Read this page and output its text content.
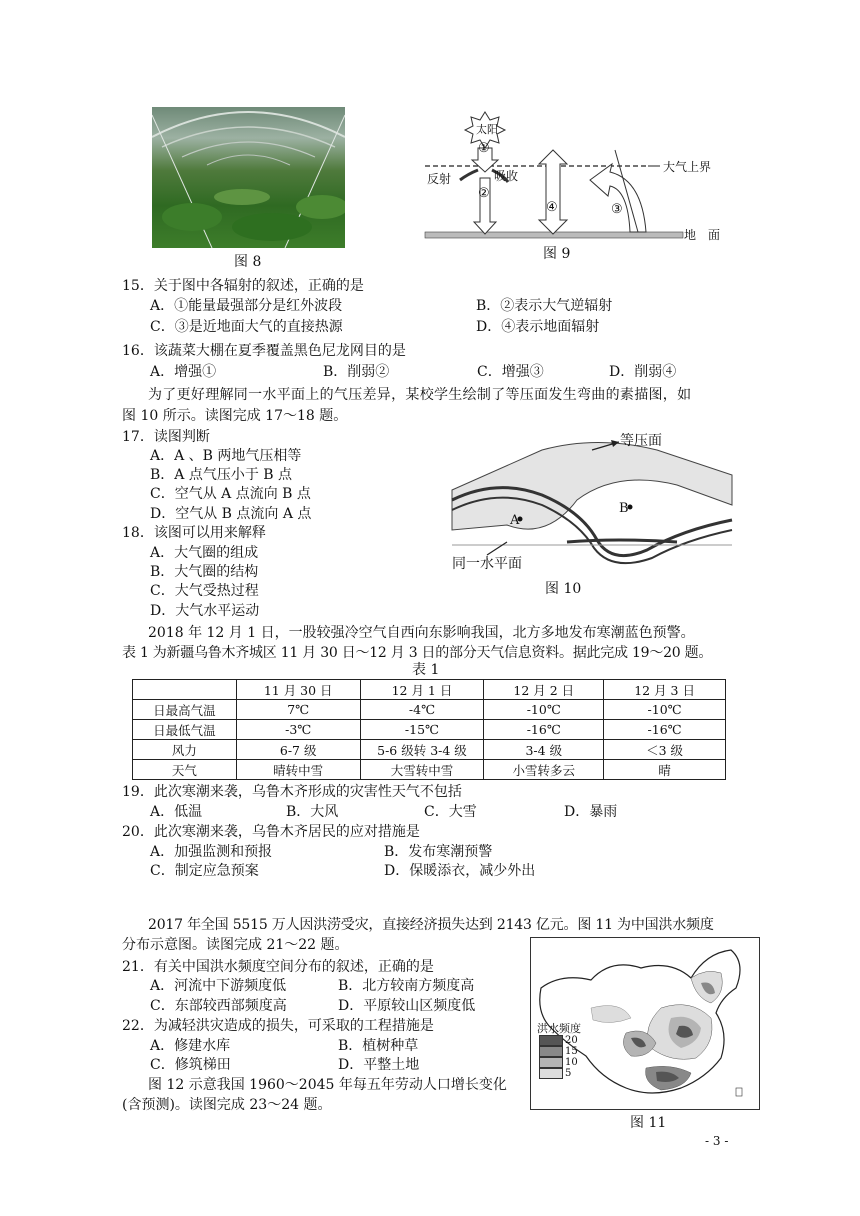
图 8
太阳
①
②
④	③
反射	吸收
大气上界
地　面
图 9
15．关于图中各辐射的叙述，正确的是
A．①能量最强部分是红外波段	B．②表示大气逆辐射
C．③是近地面大气的直接热源	D．④表示地面辐射
16．该蔬菜大棚在夏季覆盖黑色尼龙网目的是
A．增强①	B．削弱②	C．增强③	D．削弱④
为了更好理解同一水平面上的气压差异，某校学生绘制了等压面发生弯曲的素描图，如
图 10 所示。读图完成 17～18 题。
17．读图判断
A．A 、B 两地气压相等
B．A 点气压小于 B 点
C．空气从 A 点流向 B 点
D．空气从 B 点流向 A 点
18．该图可以用来解释
A．大气圈的组成
B．大气圈的结构
C．大气受热过程
D．大气水平运动
等压面
A
B
同一水平面
图 10
2018 年 12 月 1 日，一股较强冷空气自西向东影响我国，北方多地发布寒潮蓝色预警。
表 1 为新疆乌鲁木齐城区 11 月 30 日～12 月 3 日的部分天气信息资料。据此完成 19～20 题。
表 1
	11 月 30 日	12 月 1 日	12 月 2 日	12 月 3 日
日最高气温	7℃	-4℃	-10℃	-10℃
日最低气温	-3℃	-15℃	-16℃	-16℃
风力	6-7 级	5-6 级转 3-4 级	3-4 级	＜3 级
天气	晴转中雪	大雪转中雪	小雪转多云	晴
19．此次寒潮来袭，乌鲁木齐形成的灾害性天气不包括
A．低温	B．大风	C．大雪	D．暴雨
20．此次寒潮来袭，乌鲁木齐居民的应对措施是
A．加强监测和预报	B．发布寒潮预警
C．制定应急预案	D．保暖添衣，减少外出
2017 年全国 5515 万人因洪涝受灾，直接经济损失达到 2143 亿元。图 11 为中国洪水频度
分布示意图。读图完成 21～22 题。
21．有关中国洪水频度空间分布的叙述，正确的是
A．河流中下游频度低	B．北方较南方频度高
C．东部较西部频度高	D．平原较山区频度低
22．为减轻洪灾造成的损失，可采取的工程措施是
A．修建水库	B．植树种草
C．修筑梯田	D．平整土地
图 12 示意我国 1960～2045 年每五年劳动人口增长变化
(含预测)。读图完成 23～24 题。
洪水频度
20
15
10
5
图 11
- 3 -
